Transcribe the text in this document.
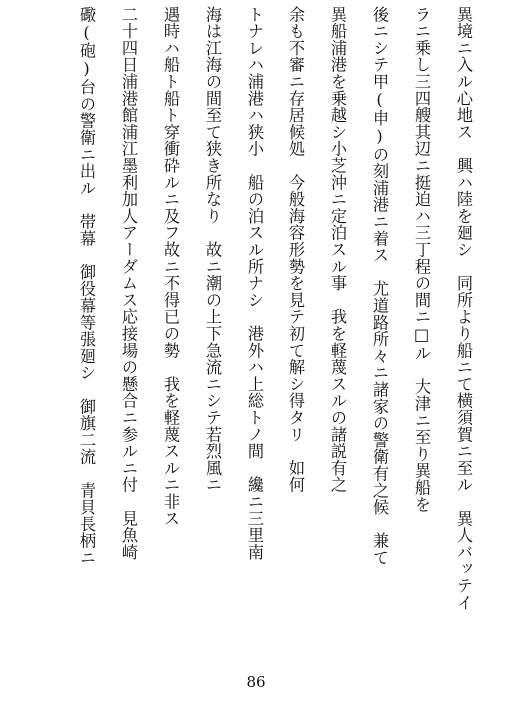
異境ニ入ル心地ス　興ハ陸を廻シ　同所より船ニて横須賀ニ至ル　異人バッテイ

ラニ乗し三四艘其辺ニ挺迫ハ三丁程の間ニ□ル　大津ニ至り異船を

後ニシテ甲(申)の刻浦港ニ着ス　尤道路所々ニ諸家の警衛有之候　兼て

異船浦港を乗越シ小芝沖ニ定泊スル事　我を軽蔑スルの諸説有之

余も不審ニ存居候処　今般海容形勢を見テ初て解シ得タリ　如何

トナレハ浦港ハ狭小　船の泊スル所ナシ　港外ハ上総トノ間　纔ニ三里南

海は江海の間至て狭き所なり　故ニ潮の上下急流ニシテ若烈風ニ

遇時ハ船ト船ト穿衝砕ルニ及フ故ニ不得已の勢　我を軽蔑スルニ非ス

二十四日浦港館浦江墨利加人アーダムス応接場の懸合ニ参ルニ付　見魚崎

礮(砲)台の警衛ニ出ル　帯幕　御役幕等張廻シ　御旗二流　青貝長柄ニ

86
